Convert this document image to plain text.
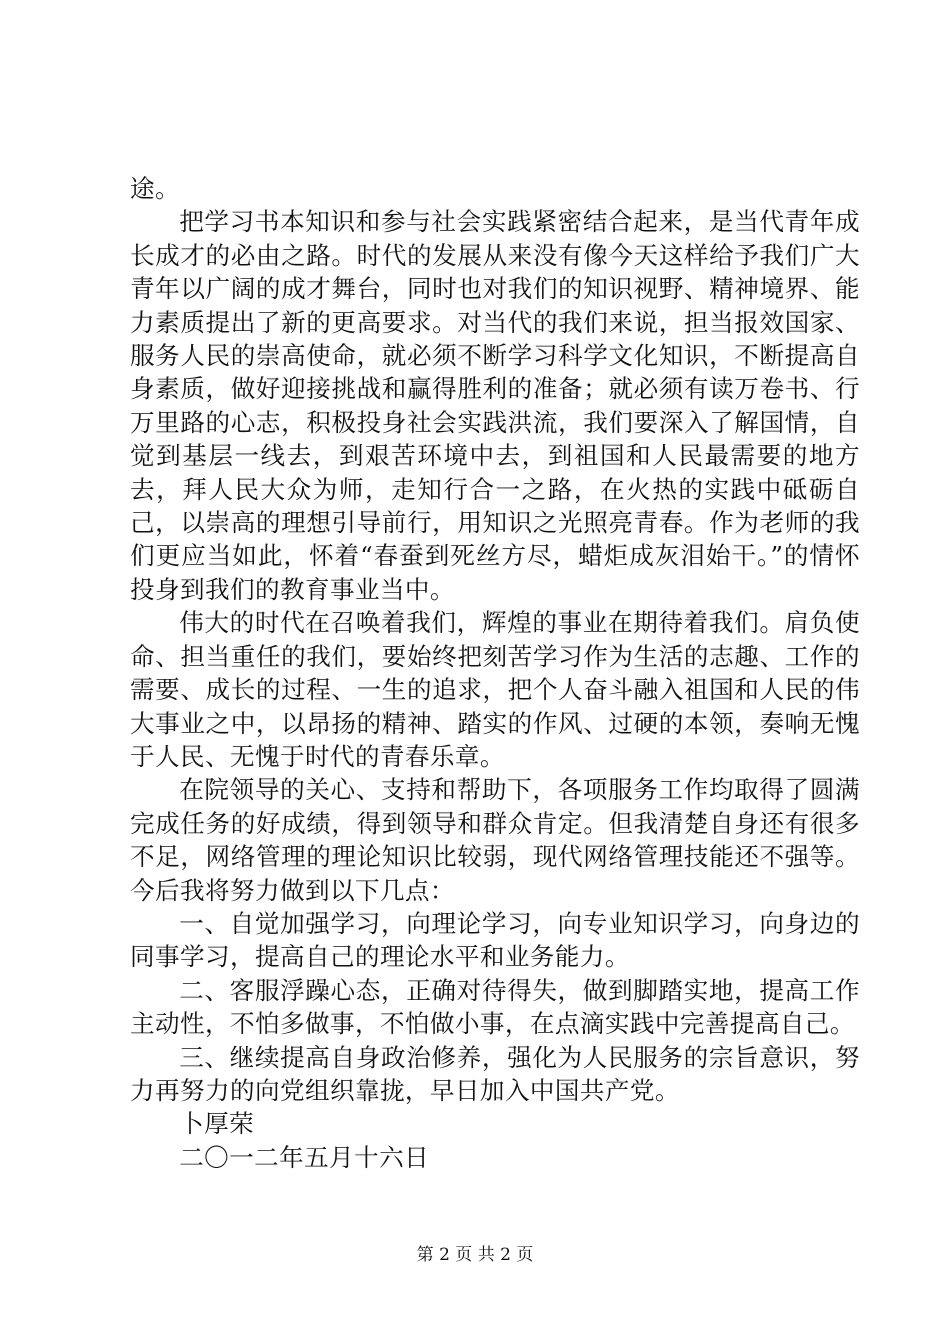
途。

把学习书本知识和参与社会实践紧密结合起来，是当代青年成长成才的必由之路。时代的发展从来没有像今天这样给予我们广大青年以广阔的成才舞台，同时也对我们的知识视野、精神境界、能力素质提出了新的更高要求。对当代的我们来说，担当报效国家、服务人民的崇高使命，就必须不断学习科学文化知识，不断提高自身素质，做好迎接挑战和赢得胜利的准备；就必须有读万卷书、行万里路的心志，积极投身社会实践洪流，我们要深入了解国情，自觉到基层一线去，到艰苦环境中去，到祖国和人民最需要的地方去，拜人民大众为师，走知行合一之路，在火热的实践中砥砺自己，以崇高的理想引导前行，用知识之光照亮青春。作为老师的我们更应当如此，怀着“春蚕到死丝方尽，蜡炬成灰泪始干。”的情怀投身到我们的教育事业当中。

伟大的时代在召唤着我们，辉煌的事业在期待着我们。肩负使命、担当重任的我们，要始终把刻苦学习作为生活的志趣、工作的需要、成长的过程、一生的追求，把个人奋斗融入祖国和人民的伟大事业之中，以昂扬的精神、踏实的作风、过硬的本领，奏响无愧于人民、无愧于时代的青春乐章。

在院领导的关心、支持和帮助下，各项服务工作均取得了圆满完成任务的好成绩，得到领导和群众肯定。但我清楚自身还有很多不足，网络管理的理论知识比较弱，现代网络管理技能还不强等。今后我将努力做到以下几点：

一、自觉加强学习，向理论学习，向专业知识学习，向身边的同事学习，提高自己的理论水平和业务能力。

二、客服浮躁心态，正确对待得失，做到脚踏实地，提高工作主动性，不怕多做事，不怕做小事，在点滴实践中完善提高自己。

三、继续提高自身政治修养，强化为人民服务的宗旨意识，努力再努力的向党组织靠拢，早日加入中国共产党。

卜厚荣

二〇一二年五月十六日

第 2 页 共 2 页
